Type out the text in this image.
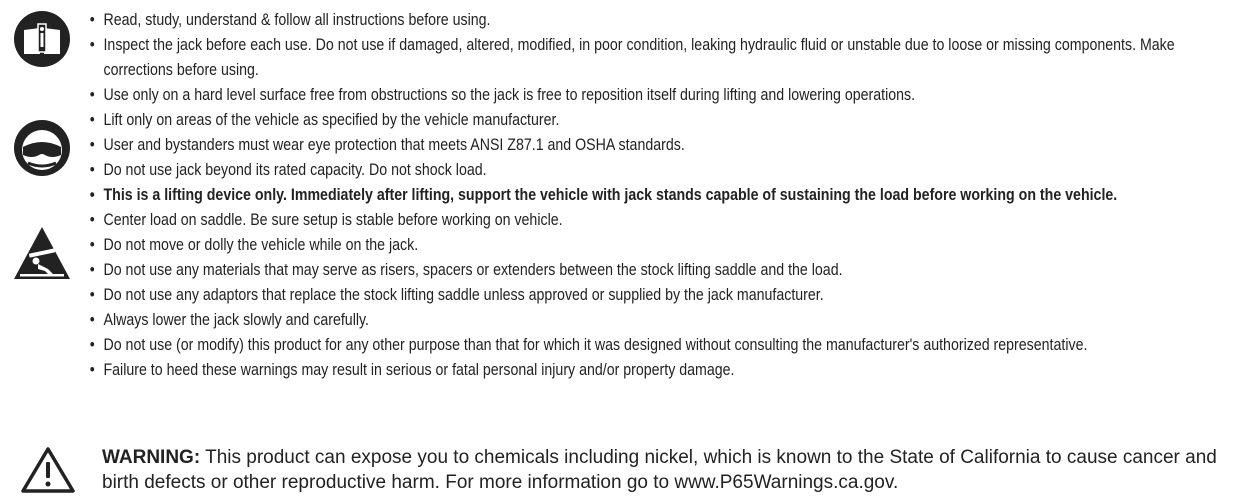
• Read, study, understand & follow all instructions before using.

• Inspect the jack before each use. Do not use if damaged, altered, modified, in poor condition, leaking hydraulic fluid or unstable due to loose or missing components. Make corrections before using.

• Use only on a hard level surface free from obstructions so the jack is free to reposition itself during lifting and lowering operations.

• Lift only on areas of the vehicle as specified by the vehicle manufacturer.

• User and bystanders must wear eye protection that meets ANSI Z87.1 and OSHA standards.

• Do not use jack beyond its rated capacity. Do not shock load.

• This is a lifting device only. Immediately after lifting, support the vehicle with jack stands capable of sustaining the load before working on the vehicle.

• Center load on saddle. Be sure setup is stable before working on vehicle.

• Do not move or dolly the vehicle while on the jack.

• Do not use any materials that may serve as risers, spacers or extenders between the stock lifting saddle and the load.

• Do not use any adaptors that replace the stock lifting saddle unless approved or supplied by the jack manufacturer.

• Always lower the jack slowly and carefully.

• Do not use (or modify) this product for any other purpose than that for which it was designed without consulting the manufacturer's authorized representative.

• Failure to heed these warnings may result in serious or fatal personal injury and/or property damage.

WARNING: This product can expose you to chemicals including nickel, which is known to the State of California to cause cancer and birth defects or other reproductive harm. For more information go to www.P65Warnings.ca.gov.
